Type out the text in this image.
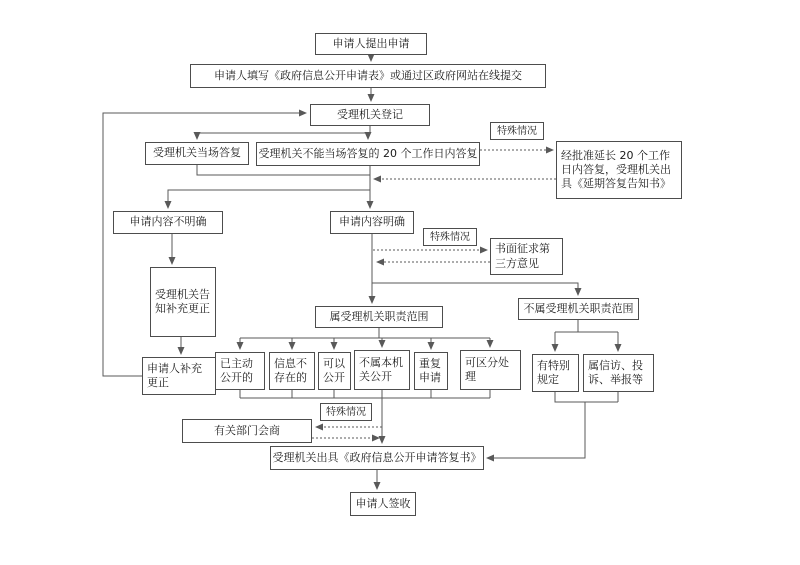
申请人提出申请
申请人填写《政府信息公开申请表》或通过区政府网站在线提交
受理机关登记
受理机关当场答复	受理机关不能当场答复的 20 个工作日内答复
特殊情况
经批准延长 20 个工作日内答复，受理机关出具《延期答复告知书》
申请内容不明确	申请内容明确
特殊情况
书面征求第三方意见
受理机关告知补充更正
申请人补充更正
属受理机关职责范围
不属受理机关职责范围
已主动公开的
信息不存在的
可以公开
不属本机关公开
重复申请
可区分处理
有特别规定
属信访、投诉、举报等
特殊情况
有关部门会商
受理机关出具《政府信息公开申请答复书》
申请人签收
